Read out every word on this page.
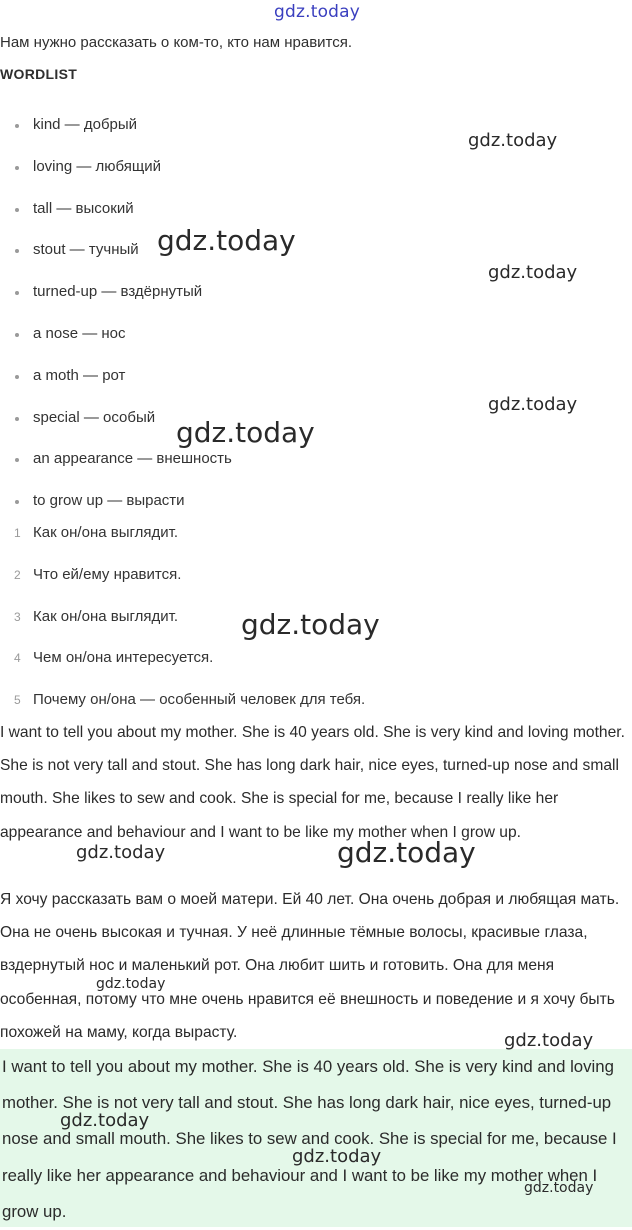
gdz.today
Нам нужно рассказать о ком-то, кто нам нравится.
WORDLIST
kind — добрый
loving — любящий
tall — высокий
stout — тучный
turned-up — вздёрнутый
a nose — нос
a moth — рот
special — особый
an appearance — внешность
to grow up — вырасти
1 Как он/она выглядит.
2 Что ей/ему нравится.
3 Как он/она выглядит.
4 Чем он/она интересуется.
5 Почему он/она — особенный человек для тебя.
I want to tell you about my mother. She is 40 years old. She is very kind and loving mother. She is not very tall and stout. She has long dark hair, nice eyes, turned-up nose and small mouth. She likes to sew and cook. She is special for me, because I really like her appearance and behaviour and I want to be like my mother when I grow up.
Я хочу рассказать вам о моей матери. Ей 40 лет. Она очень добрая и любящая мать. Она не очень высокая и тучная. У неё длинные тёмные волосы, красивые глаза, вздернутый нос и маленький рот. Она любит шить и готовить. Она для меня особенная, потому что мне очень нравится её внешность и поведение и я хочу быть похожей на маму, когда вырасту.
I want to tell you about my mother. She is 40 years old. She is very kind and loving mother. She is not very tall and stout. She has long dark hair, nice eyes, turned-up nose and small mouth. She likes to sew and cook. She is special for me, because I really like her appearance and behaviour and I want to be like my mother when I grow up.
gdz.today
gdz.today
gdz.today
gdz.today
gdz.today
gdz.today
gdz.today	gdz.today
gdz.today
gdz.today
gdz.today
gdz.today
gdz.today
